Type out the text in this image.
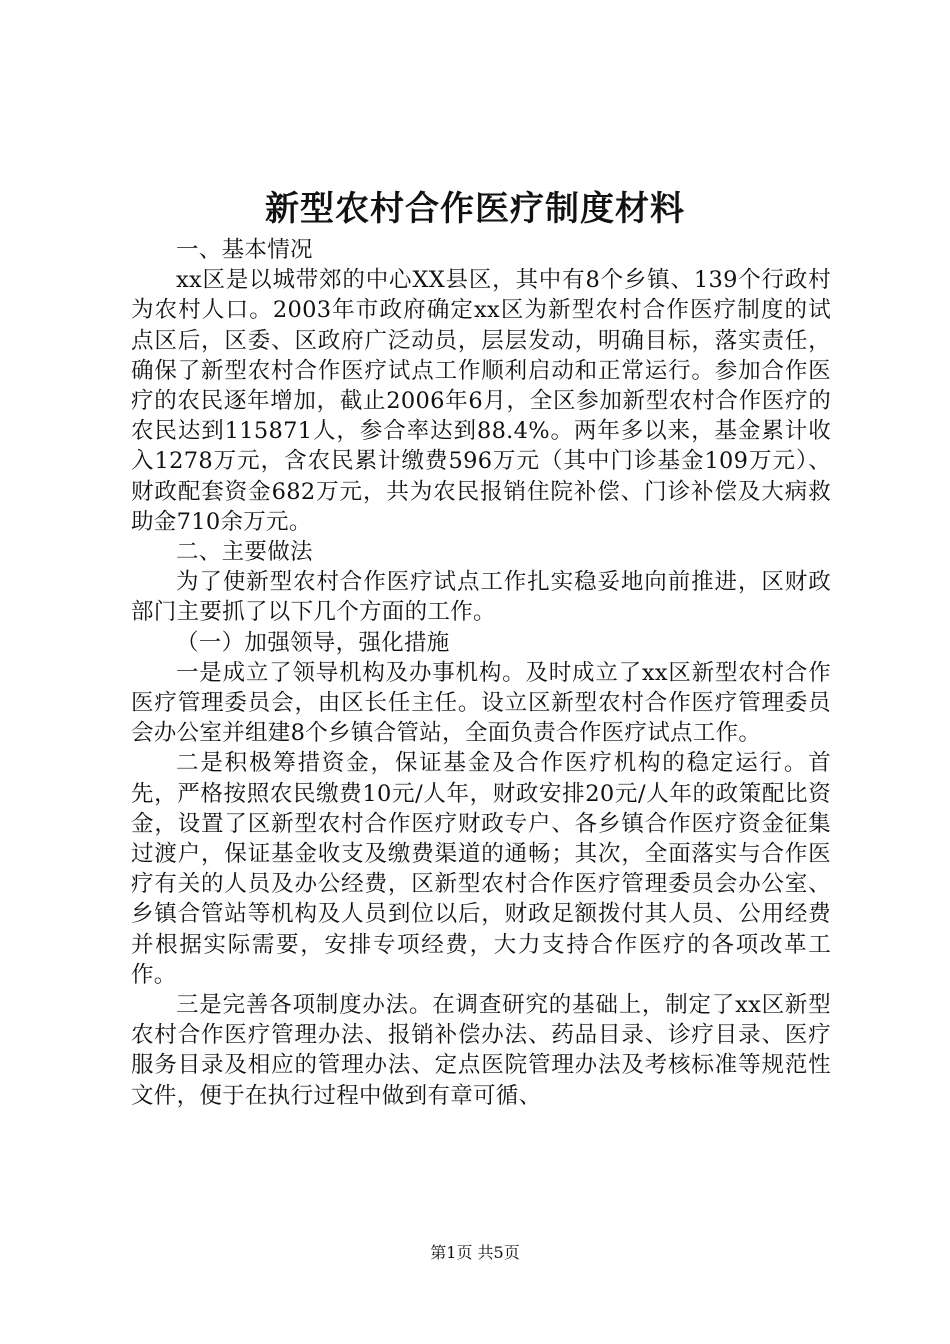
新型农村合作医疗制度材料

一、基本情况

xx区是以城带郊的中心XX县区，其中有8个乡镇、139个行政村为农村人口。2003年市政府确定xx区为新型农村合作医疗制度的试点区后，区委、区政府广泛动员，层层发动，明确目标，落实责任，确保了新型农村合作医疗试点工作顺利启动和正常运行。参加合作医疗的农民逐年增加，截止2006年6月，全区参加新型农村合作医疗的农民达到115871人，参合率达到88.4%。两年多以来，基金累计收入1278万元，含农民累计缴费596万元（其中门诊基金109万元）、财政配套资金682万元，共为农民报销住院补偿、门诊补偿及大病救助金710余万元。

二、主要做法

为了使新型农村合作医疗试点工作扎实稳妥地向前推进，区财政部门主要抓了以下几个方面的工作。

（一）加强领导，强化措施

一是成立了领导机构及办事机构。及时成立了xx区新型农村合作医疗管理委员会，由区长任主任。设立区新型农村合作医疗管理委员会办公室并组建8个乡镇合管站，全面负责合作医疗试点工作。

二是积极筹措资金，保证基金及合作医疗机构的稳定运行。首先，严格按照农民缴费10元/人年，财政安排20元/人年的政策配比资金，设置了区新型农村合作医疗财政专户、各乡镇合作医疗资金征集过渡户，保证基金收支及缴费渠道的通畅；其次，全面落实与合作医疗有关的人员及办公经费，区新型农村合作医疗管理委员会办公室、乡镇合管站等机构及人员到位以后，财政足额拨付其人员、公用经费并根据实际需要，安排专项经费，大力支持合作医疗的各项改革工作。

三是完善各项制度办法。在调查研究的基础上，制定了xx区新型农村合作医疗管理办法、报销补偿办法、药品目录、诊疗目录、医疗服务目录及相应的管理办法、定点医院管理办法及考核标准等规范性文件，便于在执行过程中做到有章可循、

第1页 共5页
